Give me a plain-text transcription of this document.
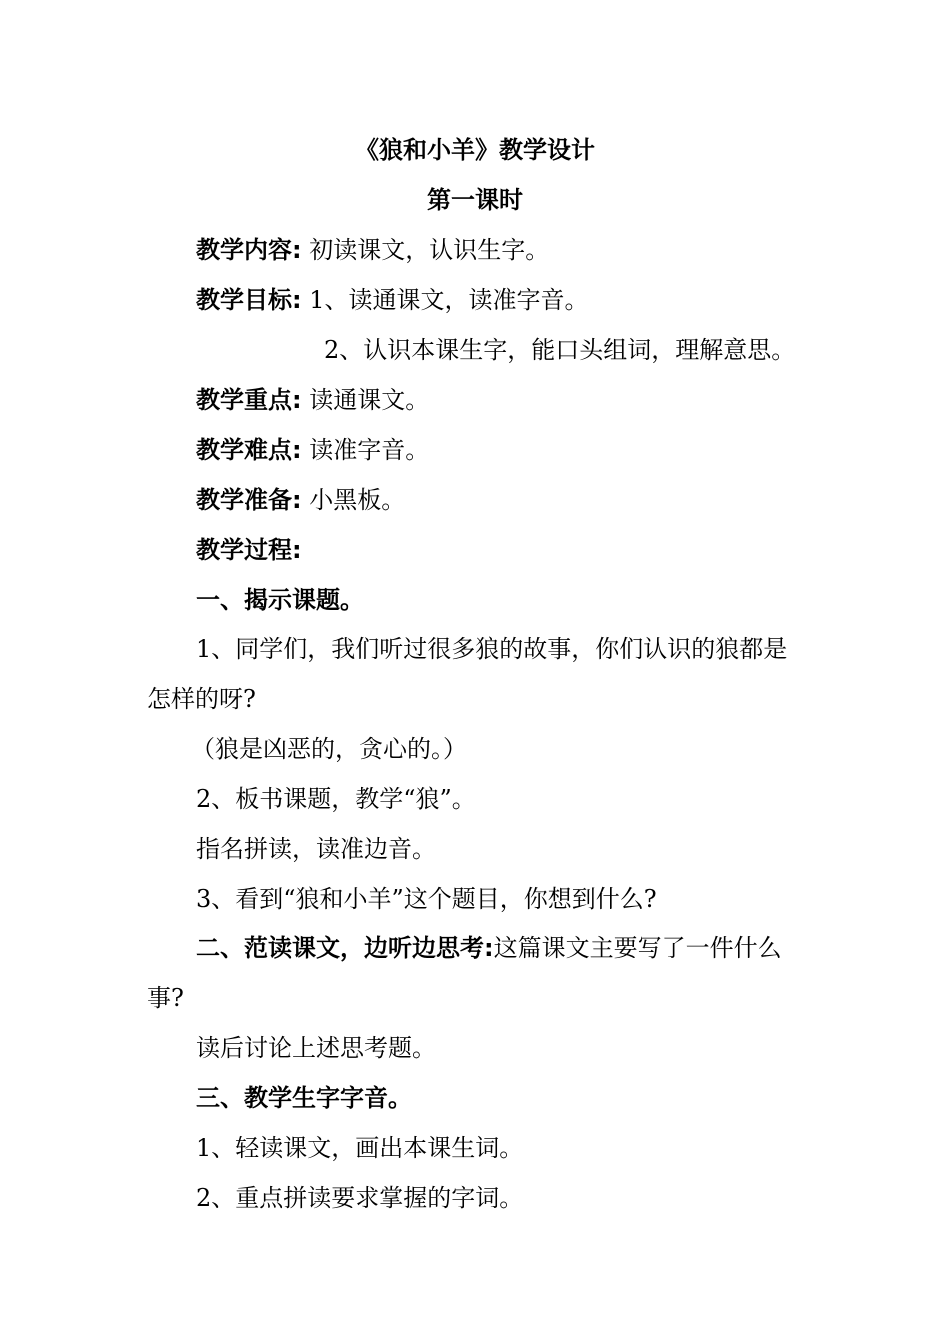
《狼和小羊》教学设计
第一课时
教学内容: 初读课文，认识生字。
教学目标: 1、读通课文，读准字音。
2、认识本课生字，能口头组词，理解意思。
教学重点: 读通课文。
教学难点: 读准字音。
教学准备: 小黑板。
教学过程:
一、揭示课题。
1、同学们，我们听过很多狼的故事，你们认识的狼都是
怎样的呀?
（狼是凶恶的，贪心的。）
2、板书课题，教学“狼”。
指名拼读，读准边音。
3、看到“狼和小羊”这个题目，你想到什么?
二、范读课文，边听边思考:这篇课文主要写了一件什么
事?
读后讨论上述思考题。
三、教学生字字音。
1、轻读课文，画出本课生词。
2、重点拼读要求掌握的字词。
